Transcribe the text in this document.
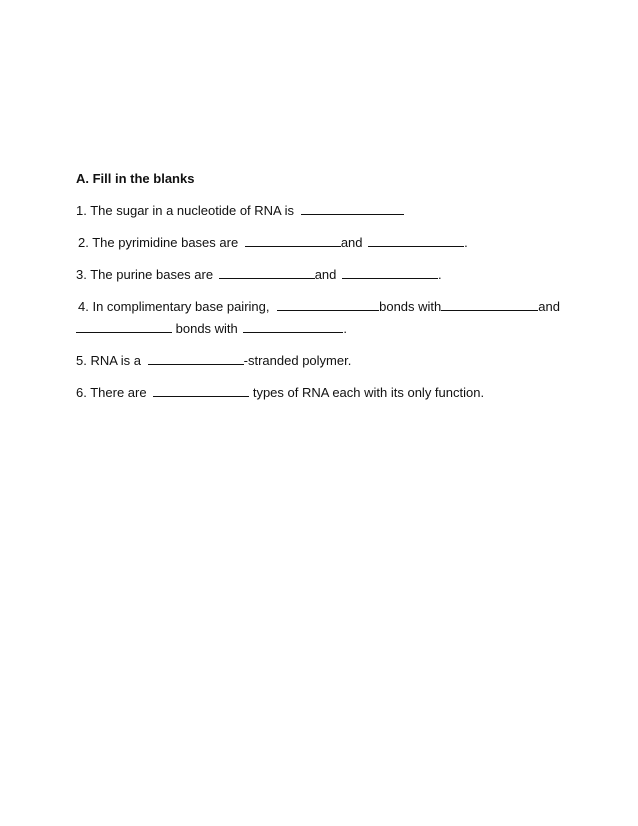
A. Fill in the blanks
1. The sugar in a nucleotide of RNA is
2. The pyrimidine bases are	and	.
3. The purine bases are	and	.
4. In complimentary base pairing,	bonds with	and
bonds with	.
5. RNA is a	-stranded polymer.
6. There are	types of RNA each with its only function.
